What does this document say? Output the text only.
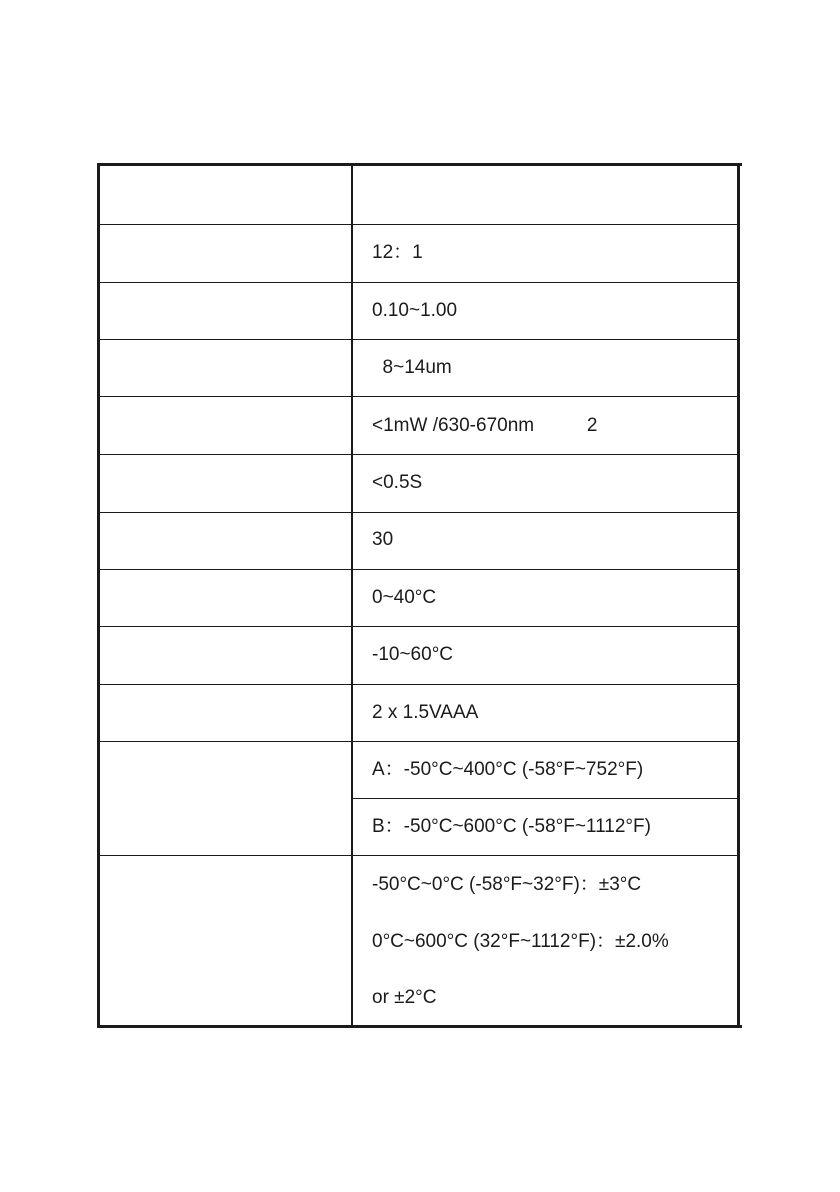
12：1
0.10~1.00
8~14um
<1mW /630-670nm          2
<0.5S
30
0~40°C
-10~60°C
2 x 1.5VAAA
A：-50°C~400°C (-58°F~752°F)
B：-50°C~600°C (-58°F~1112°F)
-50°C~0°C (-58°F~32°F)：±3°C
0°C~600°C (32°F~1112°F)：±2.0%
or ±2°C
